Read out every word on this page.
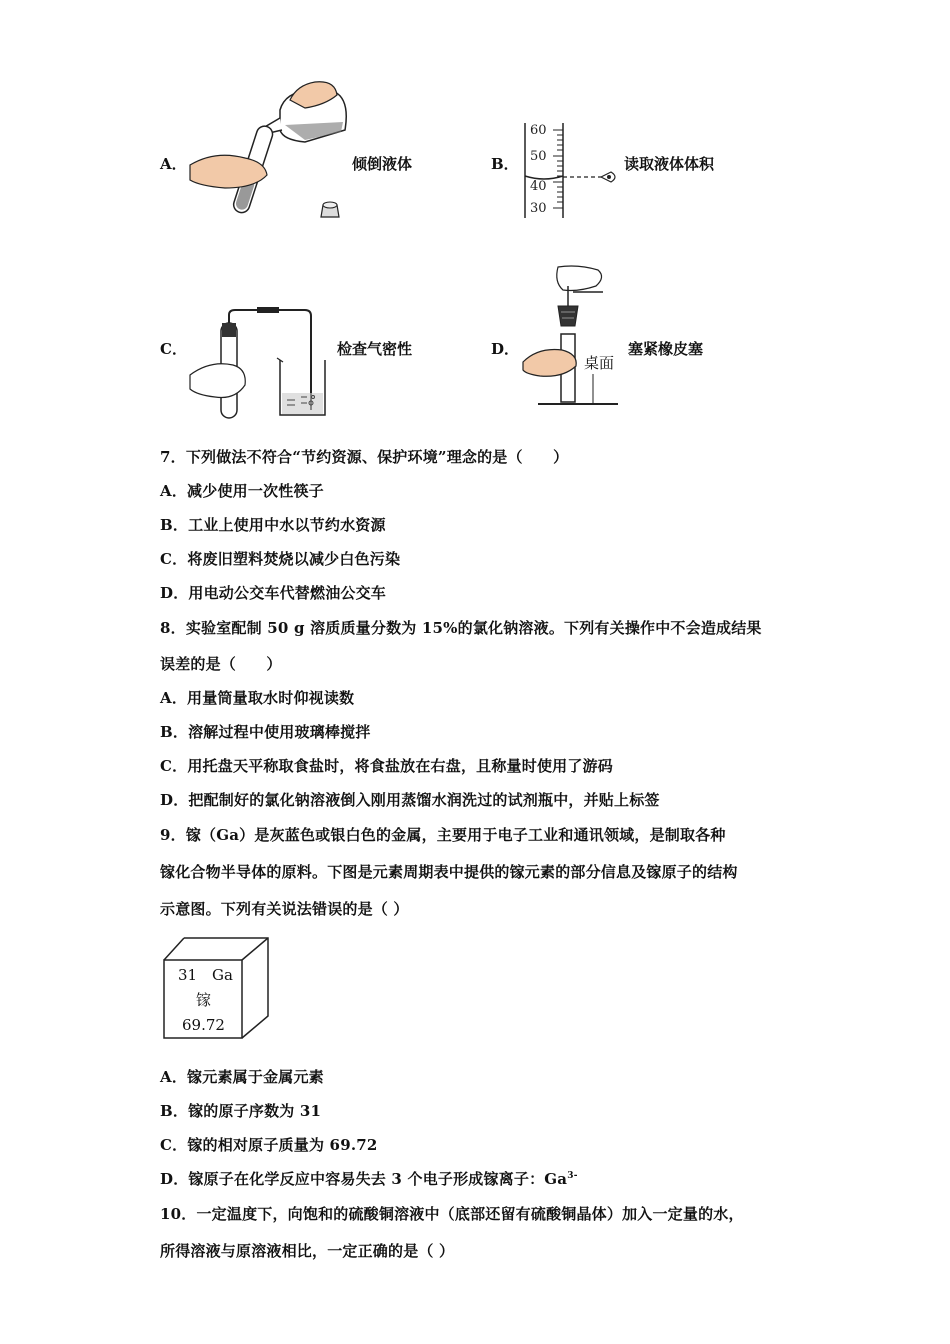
A．	倾倒液体	B．
60
50
40
30
读取液体体积
C．	检查气密性	D．
桌面
塞紧橡皮塞
7．下列做法不符合“节约资源、保护环境”理念的是（　　）
A．减少使用一次性筷子
B．工业上使用中水以节约水资源
C．将废旧塑料焚烧以减少白色污染
D．用电动公交车代替燃油公交车
8．实验室配制 50 g 溶质质量分数为 15%的氯化钠溶液。下列有关操作中不会造成结果
误差的是（　　）
A．用量筒量取水时仰视读数
B．溶解过程中使用玻璃棒搅拌
C．用托盘天平称取食盐时，将食盐放在右盘，且称量时使用了游码
D．把配制好的氯化钠溶液倒入刚用蒸馏水润洗过的试剂瓶中，并贴上标签
9．镓（Ga）是灰蓝色或银白色的金属，主要用于电子工业和通讯领域，是制取各种
镓化合物半导体的原料。下图是元素周期表中提供的镓元素的部分信息及镓原子的结构
示意图。下列有关说法错误的是（ ）
31 Ga
镓
69.72
A．镓元素属于金属元素
B．镓的原子序数为 31
C．镓的相对原子质量为 69.72
D．镓原子在化学反应中容易失去 3 个电子形成镓离子：$Ga^{3-}$
10．一定温度下，向饱和的硫酸铜溶液中（底部还留有硫酸铜晶体）加入一定量的水，
所得溶液与原溶液相比，一定正确的是（ ）
